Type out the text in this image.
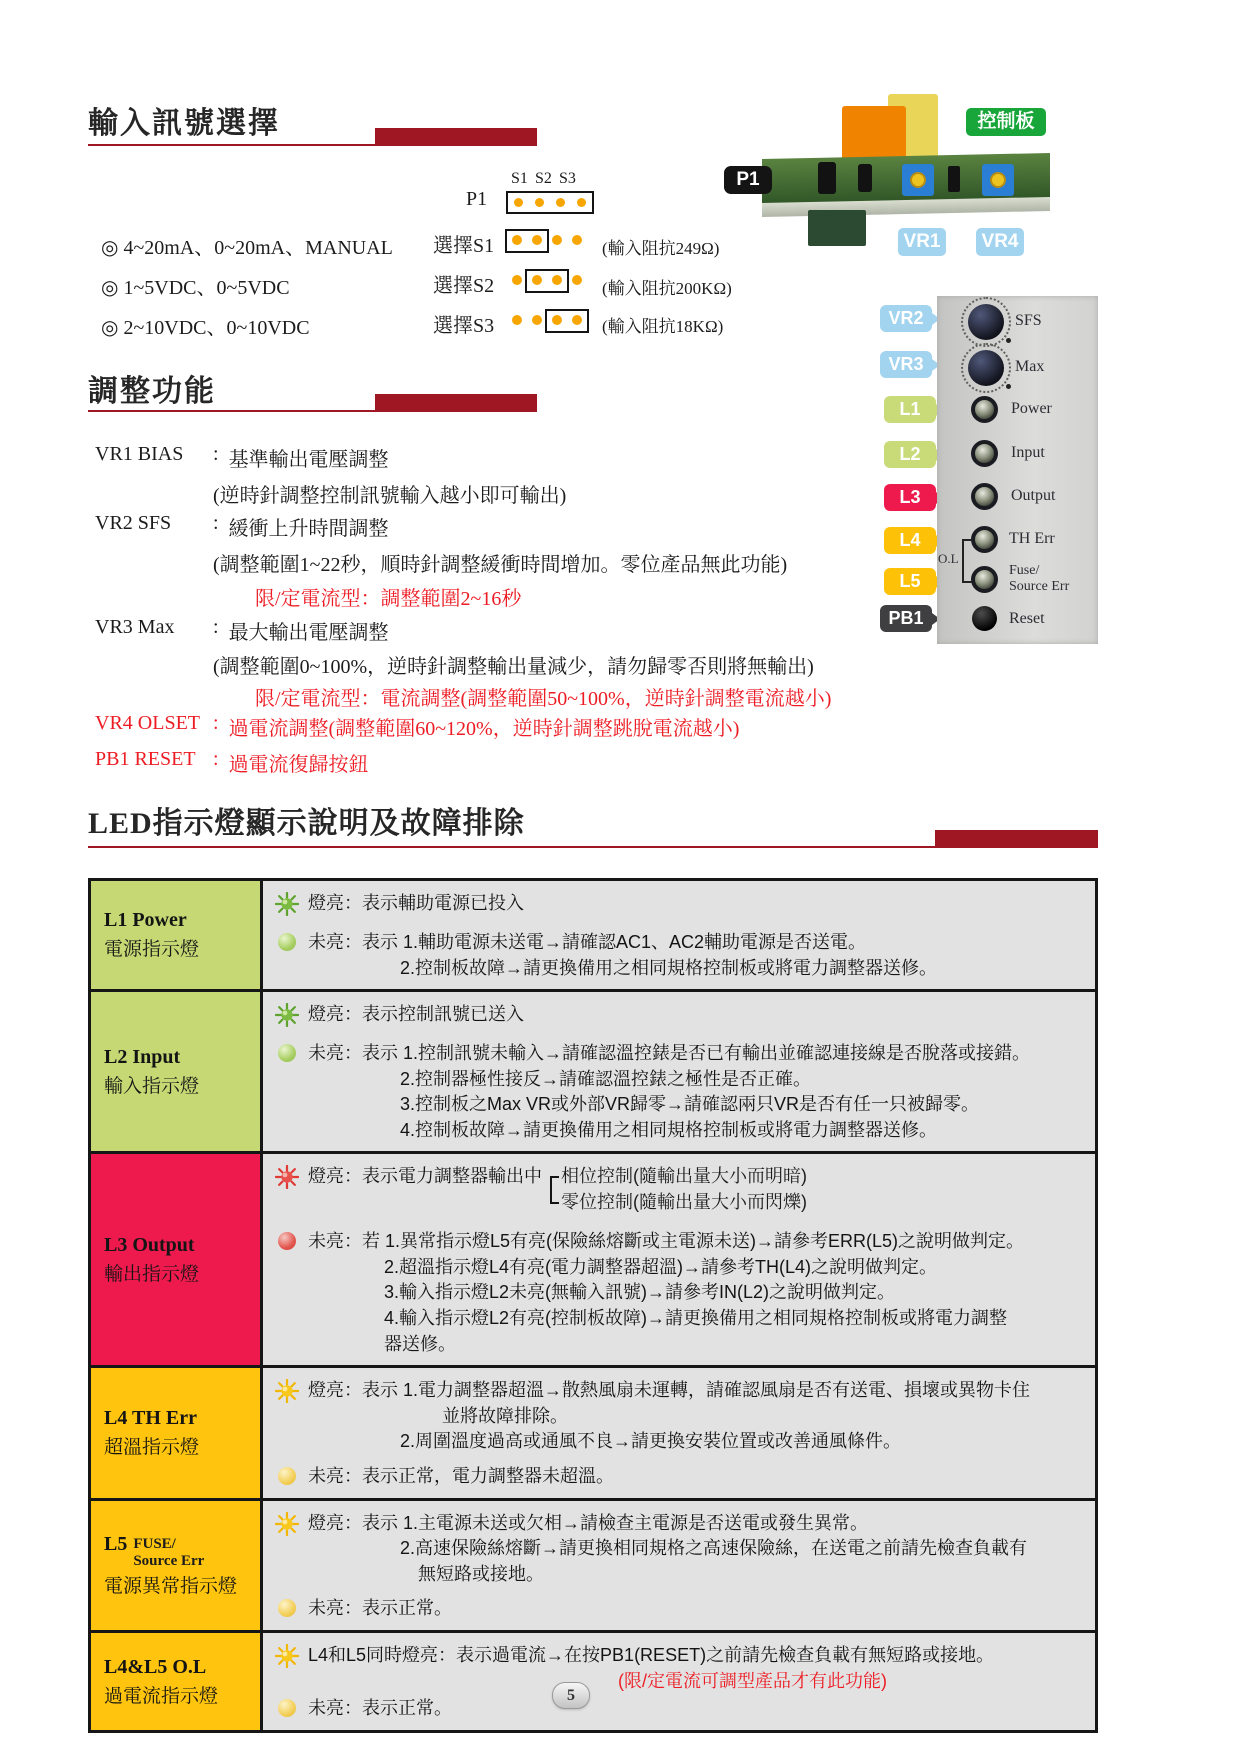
輸入訊號選擇
P1
S1 S2 S3
◎ 4~20mA、0~20mA、MANUAL 選擇S1	(輸入阻抗249Ω)
◎ 1~5VDC、0~5VDC	選擇S2	(輸入阻抗200KΩ)
◎ 2~10VDC、0~10VDC	選擇S3	(輸入阻抗18KΩ)
控制板
P1
VR1 VR4
調整功能
VR1 BIAS	: 基準輸出電壓調整
(逆時針調整控制訊號輸入越小即可輸出)
VR2 SFS	: 緩衝上升時間調整
(調整範圍1~22秒，順時針調整緩衝時間增加。零位產品無此功能)
限/定電流型：調整範圍2~16秒
VR3 Max	: 最大輸出電壓調整
(調整範圍0~100%，逆時針調整輸出量減少，請勿歸零否則將無輸出)
限/定電流型：電流調整(調整範圍50~100%，逆時針調整電流越小)
VR4 OLSET : 過電流調整(調整範圍60~120%，逆時針調整跳脫電流越小)
PB1 RESET : 過電流復歸按鈕
VR2
VR3
L1
L2
L3
L4
L5
PB1
SFS
Max
Power
Input
Output
TH Err
Fuse/
Source Err
Reset
O.L
LED指示燈顯示說明及故障排除
L1 Power
電源指示燈

燈亮：表示輔助電源已投入

未亮：表示 1.輔助電源未送電→請確認AC1、AC2輔助電源是否送電。

2.控制板故障→請更換備用之相同規格控制板或將電力調整器送修。

L2 Input
輸入指示燈

燈亮：表示控制訊號已送入

未亮：表示 1.控制訊號未輸入→請確認溫控錶是否已有輸出並確認連接線是否脫落或接錯。

2.控制器極性接反→請確認溫控錶之極性是否正確。

3.控制板之Max VR或外部VR歸零→請確認兩只VR是否有任一只被歸零。

4.控制板故障→請更換備用之相同規格控制板或將電力調整器送修。

L3 Output
輸出指示燈
燈亮：表示電力調整器輸出中 相位控制(隨輸出量大小而明暗)
零位控制(隨輸出量大小而閃爍)

未亮：若 1.異常指示燈L5有亮(保險絲熔斷或主電源未送)→請參考ERR(L5)之說明做判定。

2.超溫指示燈L4有亮(電力調整器超溫)→請參考TH(L4)之說明做判定。

3.輸入指示燈L2未亮(無輸入訊號)→請參考IN(L2)之說明做判定。

4.輸入指示燈L2有亮(控制板故障)→請更換備用之相同規格控制板或將電力調整

器送修。

L4 TH Err
超溫指示燈

燈亮：表示 1.電力調整器超溫→散熱風扇未運轉，請確認風扇是否有送電、損壞或異物卡住

並將故障排除。

2.周圍溫度過高或通風不良→請更換安裝位置或改善通風條件。

未亮：表示正常，電力調整器未超溫。

L5 FUSE/
Source Err
電源異常指示燈

燈亮：表示 1.主電源未送或欠相→請檢查主電源是否送電或發生異常。

2.高速保險絲熔斷→請更換相同規格之高速保險絲，在送電之前請先檢查負載有

無短路或接地。

未亮：表示正常。

L4&L5 O.L
過電流指示燈

L4和L5同時燈亮：表示過電流→在按PB1(RESET)之前請先檢查負載有無短路或接地。

(限/定電流可調型產品才有此功能)

未亮：表示正常。

5
